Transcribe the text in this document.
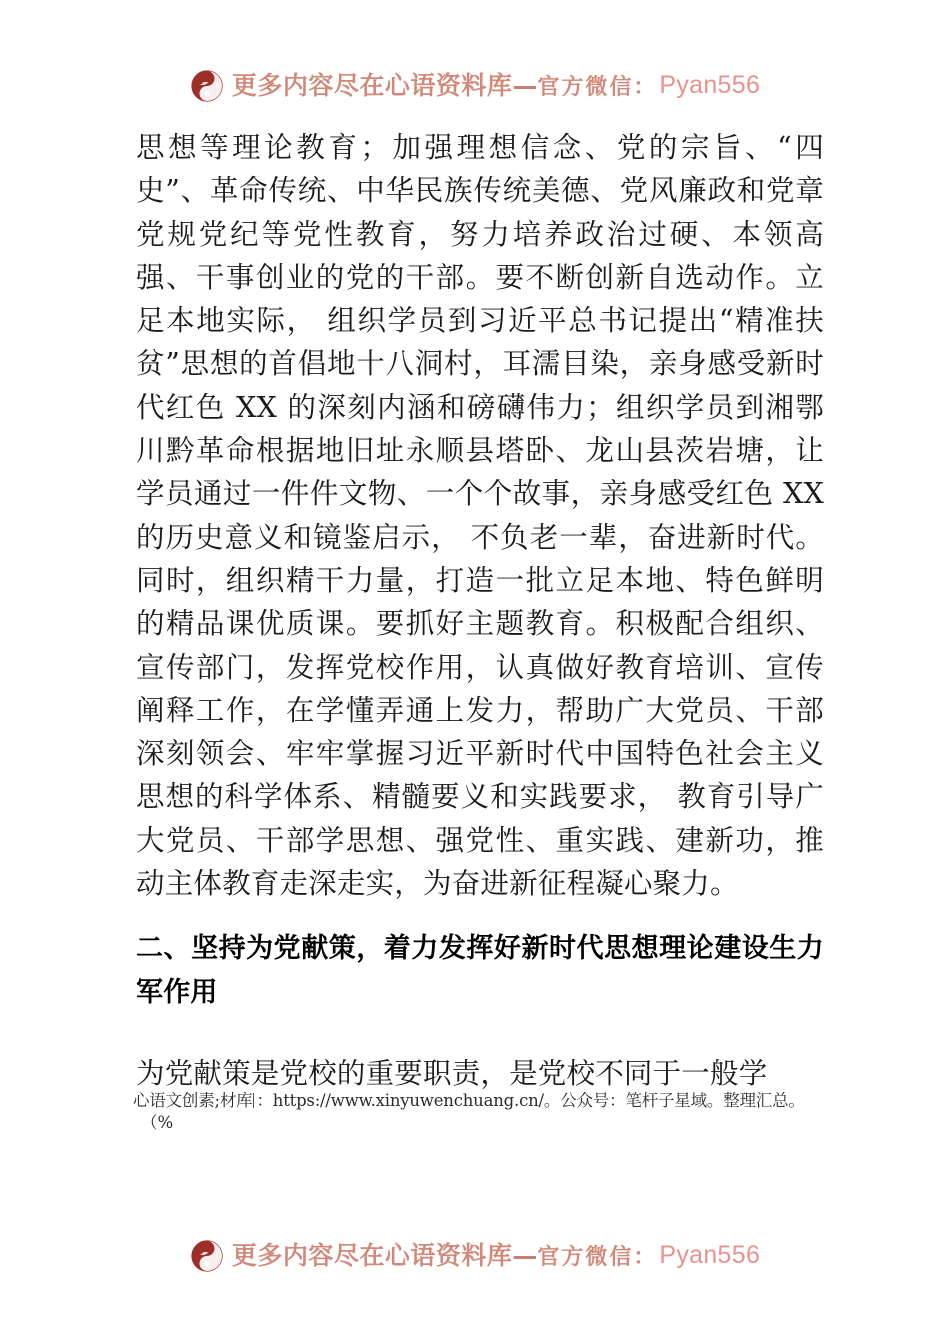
更多内容尽在心语资料库 — 官方微信： Pyan556

思想等理论教育；加强理想信念、党的宗旨、“四史”、革命传统、中华民族传统美德、党风廉政和党章党规党纪等党性教育，努力培养政治过硬、本领高强、干事创业的党的干部。要不断创新自选动作。立足本地实际， 组织学员到习近平总书记提出“精准扶贫”思想的首倡地十八洞村，耳濡目染，亲身感受新时代红色 XX 的深刻内涵和磅礴伟力；组织学员到湘鄂川黔革命根据地旧址永顺县塔卧、龙山县茨岩塘，让学员通过一件件文物、一个个故事，亲身感受红色 XX 的历史意义和镜鉴启示， 不负老一辈，奋进新时代。同时，组织精干力量，打造一批立足本地、特色鲜明的精品课优质课。要抓好主题教育。积极配合组织、宣传部门，发挥党校作用，认真做好教育培训、宣传阐释工作，在学懂弄通上发力，帮助广大党员、干部深刻领会、牢牢掌握习近平新时代中国特色社会主义思想的科学体系、精髓要义和实践要求， 教育引导广大党员、干部学思想、强党性、重实践、建新功，推动主体教育走深走实，为奋进新征程凝心聚力。

二、坚持为党献策，着力发挥好新时代思想理论建设生力军作用

为党献策是党校的重要职责，是党校不同于一般学

心语文创素;材库 ：https://www.xinyuwenchuang.cn/。公众号：笔杆子星域。整理汇总。
（%
更多内容尽在心语资料库 — 官方微信： Pyan556
